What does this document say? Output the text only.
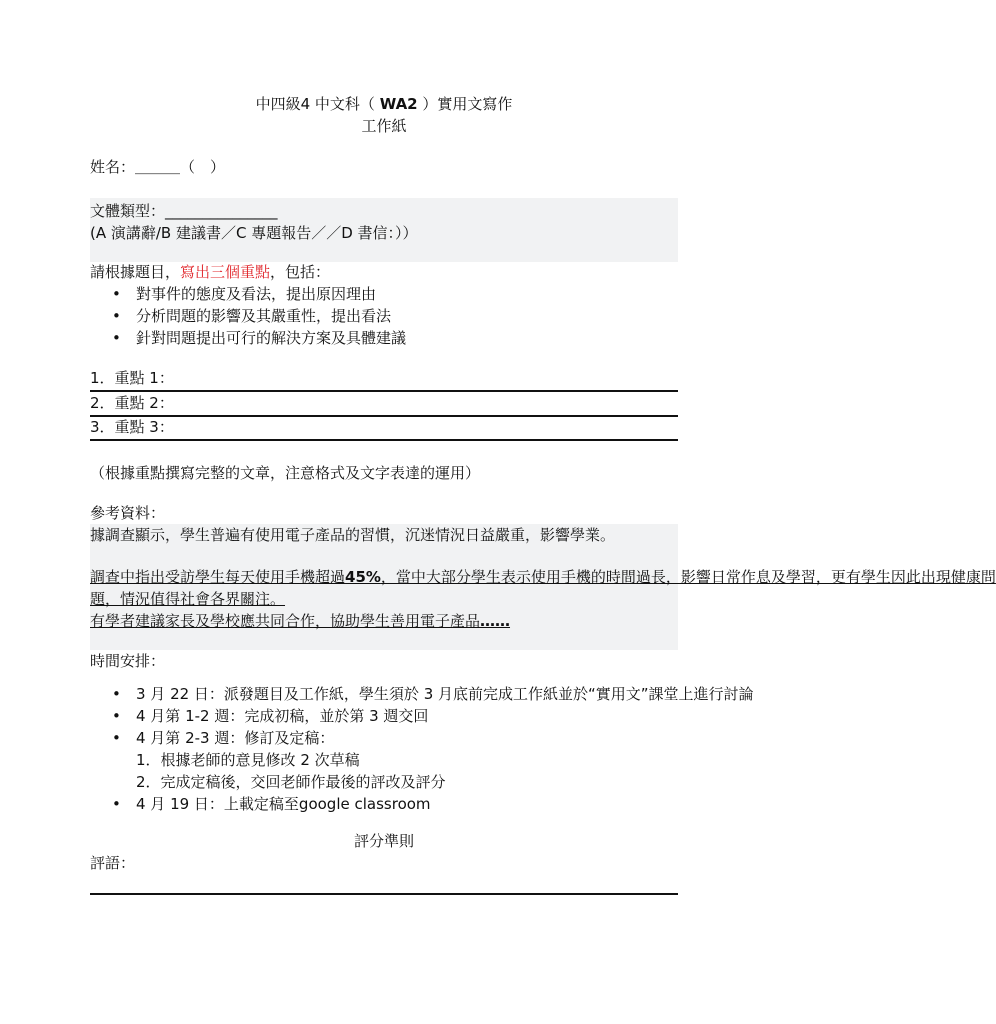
中四級4 中文科（ WA2 ）實用文寫作
工作紙
姓名：＿＿＿（　）
文體類型：_______________
(A 演講辭/B 建議書／C 專題報告／／D 書信：））
請根據題目，寫出三個重點，包括：
• 對事件的態度及看法，提出原因理由
• 分析問題的影響及其嚴重性，提出看法
• 針對問題提出可行的解決方案及具體建議
1．重點 1：
2．重點 2：
3．重點 3：
（根據重點撰寫完整的文章，注意格式及文字表達的運用）
參考資料：
據調查顯示，學生普遍有使用電子產品的習慣，沉迷情況日益嚴重，影響學業。
調查中指出受訪學生每天使用手機超過45%，當中大部分學生表示使用手機的時間過長，影響日常作息及學習，更有學生因此出現健康問
題，情況值得社會各界關注。
有學者建議家長及學校應共同合作，協助學生善用電子產品……
時間安排：
• 3 月 22 日：派發題目及工作紙，學生須於 3 月底前完成工作紙並於“實用文”課堂上進行討論
• 4 月第 1-2 週：完成初稿，並於第 3 週交回
• 4 月第 2-3 週：修訂及定稿：
1．根據老師的意見修改 2 次草稿
2．完成定稿後，交回老師作最後的評改及評分
• 4 月 19 日：上載定稿至google classroom
評分準則
評語：
